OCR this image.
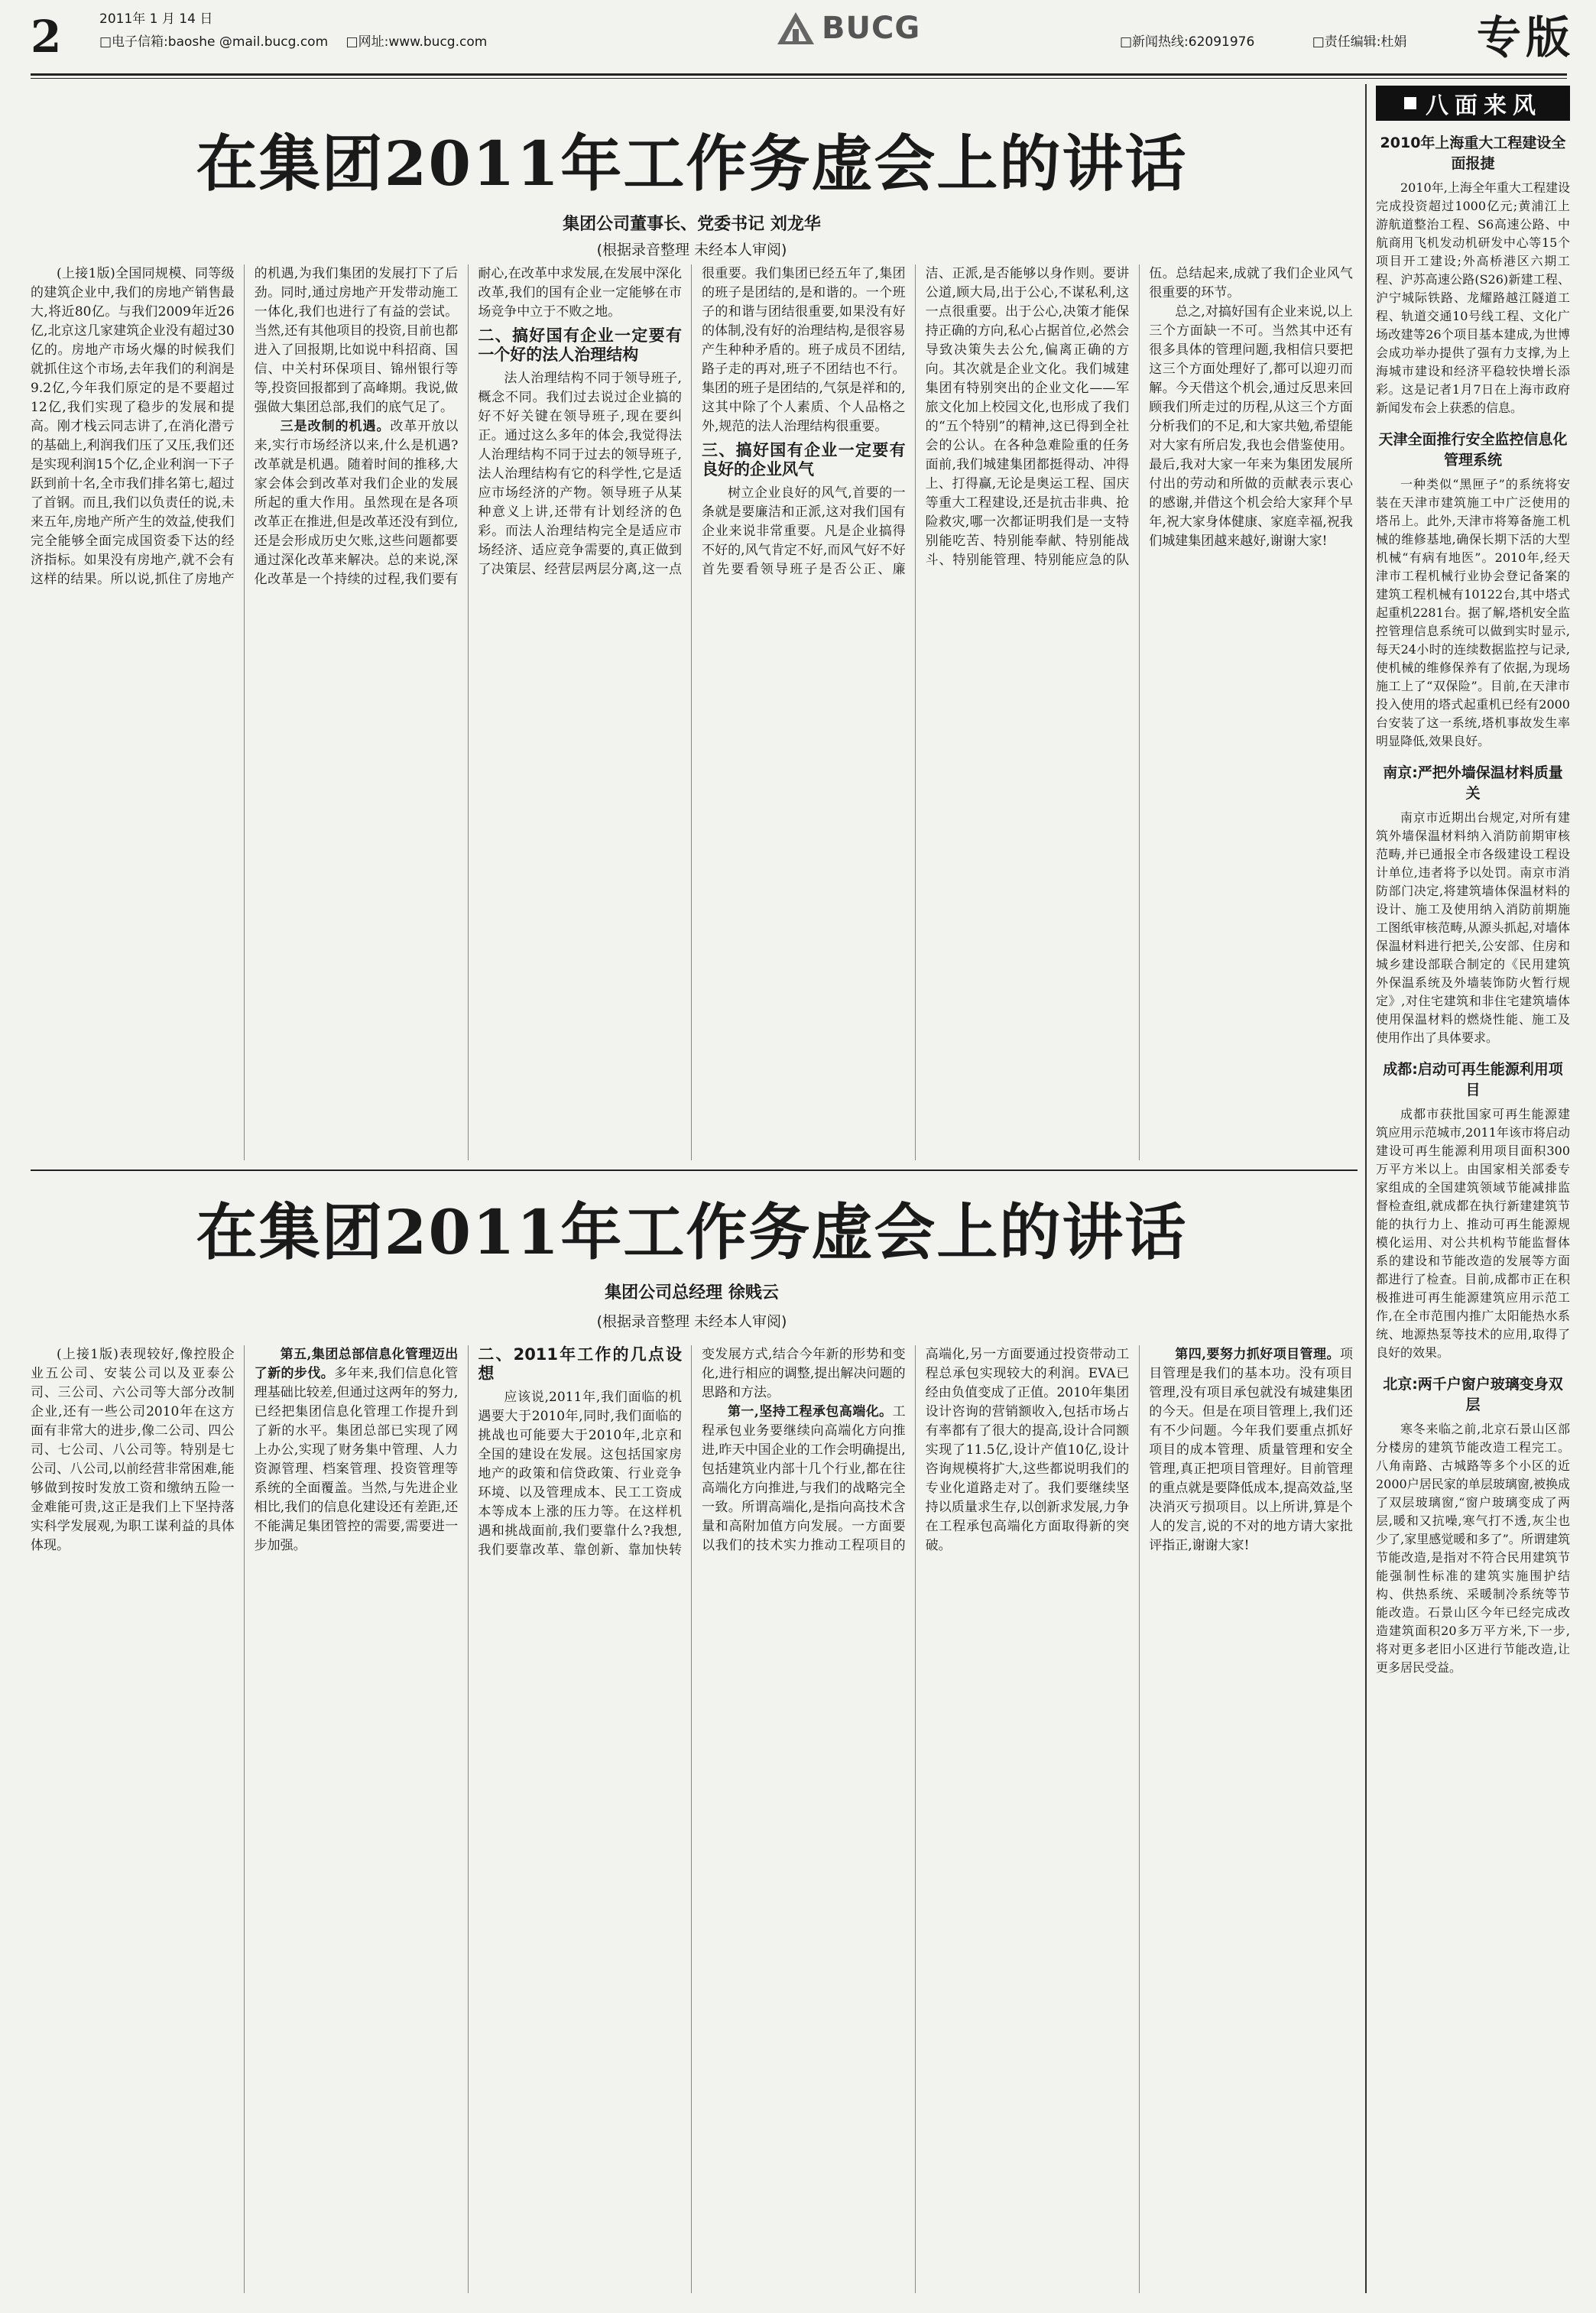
2	2011年 1 月 14 日
□电子信箱:baoshe @mail.bucg.com □网址:www.bucg.com	BUCG	□新闻热线:62091976	□责任编辑:杜娟	专版
在集团2011年工作务虚会上的讲话
集团公司董事长、党委书记 刘龙华
(根据录音整理 未经本人审阅)

(上接1版)全国同规模、同等级的建筑企业中,我们的房地产销售最大,将近80亿。与我们2009年近26亿,北京这几家建筑企业没有超过30亿的。房地产市场火爆的时候我们就抓住这个市场,去年我们的利润是9.2亿,今年我们原定的是不要超过12亿,我们实现了稳步的发展和提高。刚才栈云同志讲了,在消化潜亏的基础上,利润我们压了又压,我们还是实现利润15个亿,企业利润一下子跃到前十名,全市我们排名第七,超过了首钢。而且,我们以负责任的说,未来五年,房地产所产生的效益,使我们完全能够全面完成国资委下达的经济指标。如果没有房地产,就不会有这样的结果。所以说,抓住了房地产的机遇,为我们集团的发展打下了后劲。同时,通过房地产开发带动施工一体化,我们也进行了有益的尝试。当然,还有其他项目的投资,目前也都进入了回报期,比如说中科招商、国信、中关村环保项目、锦州银行等等,投资回报都到了高峰期。我说,做强做大集团总部,我们的底气足了。

三是改制的机遇。改革开放以来,实行市场经济以来,什么是机遇?改革就是机遇。随着时间的推移,大家会体会到改革对我们企业的发展所起的重大作用。虽然现在是各项改革正在推进,但是改革还没有到位,还是会形成历史欠账,这些问题都要通过深化改革来解决。总的来说,深化改革是一个持续的过程,我们要有耐心,在改革中求发展,在发展中深化改革,我们的国有企业一定能够在市场竞争中立于不败之地。

二、搞好国有企业一定要有一个好的法人治理结构

法人治理结构不同于领导班子,概念不同。我们过去说过企业搞的好不好关键在领导班子,现在要纠正。通过这么多年的体会,我觉得法人治理结构不同于过去的领导班子,法人治理结构有它的科学性,它是适应市场经济的产物。领导班子从某种意义上讲,还带有计划经济的色彩。而法人治理结构完全是适应市场经济、适应竞争需要的,真正做到了决策层、经营层两层分离,这一点很重要。我们集团已经五年了,集团的班子是团结的,是和谐的。一个班子的和谐与团结很重要,如果没有好的体制,没有好的治理结构,是很容易产生种种矛盾的。班子成员不团结,路子走的再对,班子不团结也不行。集团的班子是团结的,气氛是祥和的,这其中除了个人素质、个人品格之外,规范的法人治理结构很重要。

三、搞好国有企业一定要有良好的企业风气

树立企业良好的风气,首要的一条就是要廉洁和正派,这对我们国有企业来说非常重要。凡是企业搞得不好的,风气肯定不好,而风气好不好首先要看领导班子是否公正、廉洁、正派,是否能够以身作则。要讲公道,顾大局,出于公心,不谋私利,这一点很重要。出于公心,决策才能保持正确的方向,私心占据首位,必然会导致决策失去公允,偏离正确的方向。其次就是企业文化。我们城建集团有特别突出的企业文化——军旅文化加上校园文化,也形成了我们的“五个特别”的精神,这已得到全社会的公认。在各种急难险重的任务面前,我们城建集团都挺得动、冲得上、打得赢,无论是奥运工程、国庆等重大工程建设,还是抗击非典、抢险救灾,哪一次都证明我们是一支特别能吃苦、特别能奉献、特别能战斗、特别能管理、特别能应急的队伍。总结起来,成就了我们企业风气很重要的环节。

总之,对搞好国有企业来说,以上三个方面缺一不可。当然其中还有很多具体的管理问题,我相信只要把这三个方面处理好了,都可以迎刃而解。今天借这个机会,通过反思来回顾我们所走过的历程,从这三个方面分析我们的不足,和大家共勉,希望能对大家有所启发,我也会借鉴使用。最后,我对大家一年来为集团发展所付出的劳动和所做的贡献表示衷心的感谢,并借这个机会给大家拜个早年,祝大家身体健康、家庭幸福,祝我们城建集团越来越好,谢谢大家!

在集团2011年工作务虚会上的讲话
集团公司总经理 徐贱云
(根据录音整理 未经本人审阅)

(上接1版)表现较好,像控股企业五公司、安装公司以及亚泰公司、三公司、六公司等大部分改制企业,还有一些公司2010年在这方面有非常大的进步,像二公司、四公司、七公司、八公司等。特别是七公司、八公司,以前经营非常困难,能够做到按时发放工资和缴纳五险一金难能可贵,这正是我们上下坚持落实科学发展观,为职工谋利益的具体体现。

第五,集团总部信息化管理迈出了新的步伐。多年来,我们信息化管理基础比较差,但通过这两年的努力,已经把集团信息化管理工作提升到了新的水平。集团总部已实现了网上办公,实现了财务集中管理、人力资源管理、档案管理、投资管理等系统的全面覆盖。当然,与先进企业相比,我们的信息化建设还有差距,还不能满足集团管控的需要,需要进一步加强。

二、2011年工作的几点设想

应该说,2011年,我们面临的机遇要大于2010年,同时,我们面临的挑战也可能要大于2010年,北京和全国的建设在发展。这包括国家房地产的政策和信贷政策、行业竞争环境、以及管理成本、民工工资成本等成本上涨的压力等。在这样机遇和挑战面前,我们要靠什么?我想,我们要靠改革、靠创新、靠加快转变发展方式,结合今年新的形势和变化,进行相应的调整,提出解决问题的思路和方法。

第一,坚持工程承包高端化。工程承包业务要继续向高端化方向推进,昨天中国企业的工作会明确提出,包括建筑业内部十几个行业,都在往高端化方向推进,与我们的战略完全一致。所谓高端化,是指向高技术含量和高附加值方向发展。一方面要以我们的技术实力推动工程项目的高端化,另一方面要通过投资带动工程总承包实现较大的利润。EVA已经由负值变成了正值。2010年集团设计咨询的营销额收入,包括市场占有率都有了很大的提高,设计合同额实现了11.5亿,设计产值10亿,设计咨询规模将扩大,这些都说明我们的专业化道路走对了。我们要继续坚持以质量求生存,以创新求发展,力争在工程承包高端化方面取得新的突破。

第四,要努力抓好项目管理。项目管理是我们的基本功。没有项目管理,没有项目承包就没有城建集团的今天。但是在项目管理上,我们还有不少问题。今年我们要重点抓好项目的成本管理、质量管理和安全管理,真正把项目管理好。目前管理的重点就是要降低成本,提高效益,坚决消灭亏损项目。以上所讲,算是个人的发言,说的不对的地方请大家批评指正,谢谢大家!

八面来风
2010年上海重大工程建设全面报捷

2010年,上海全年重大工程建设完成投资超过1000亿元;黄浦江上游航道整治工程、S6高速公路、中航商用飞机发动机研发中心等15个项目开工建设;外高桥港区六期工程、沪苏高速公路(S26)新建工程、沪宁城际铁路、龙耀路越江隧道工程、轨道交通10号线工程、文化广场改建等26个项目基本建成,为世博会成功举办提供了强有力支撑,为上海城市建设和经济平稳较快增长添彩。这是记者1月7日在上海市政府新闻发布会上获悉的信息。

天津全面推行安全监控信息化管理系统

一种类似“黑匣子”的系统将安装在天津市建筑施工中广泛使用的塔吊上。此外,天津市将筹备施工机械的维修基地,确保长期下活的大型机械“有病有地医”。2010年,经天津市工程机械行业协会登记备案的建筑工程机械有10122台,其中塔式起重机2281台。据了解,塔机安全监控管理信息系统可以做到实时显示,每天24小时的连续数据监控与记录,使机械的维修保养有了依据,为现场施工上了“双保险”。目前,在天津市投入使用的塔式起重机已经有2000台安装了这一系统,塔机事故发生率明显降低,效果良好。

南京:严把外墙保温材料质量关

南京市近期出台规定,对所有建筑外墙保温材料纳入消防前期审核范畴,并已通报全市各级建设工程设计单位,违者将予以处罚。南京市消防部门决定,将建筑墙体保温材料的设计、施工及使用纳入消防前期施工图纸审核范畴,从源头抓起,对墙体保温材料进行把关,公安部、住房和城乡建设部联合制定的《民用建筑外保温系统及外墙装饰防火暂行规定》,对住宅建筑和非住宅建筑墙体使用保温材料的燃烧性能、施工及使用作出了具体要求。

成都:启动可再生能源利用项目

成都市获批国家可再生能源建筑应用示范城市,2011年该市将启动建设可再生能源利用项目面积300万平方米以上。由国家相关部委专家组成的全国建筑领域节能减排监督检查组,就成都在执行新建建筑节能的执行力上、推动可再生能源规模化运用、对公共机构节能监督体系的建设和节能改造的发展等方面都进行了检查。目前,成都市正在积极推进可再生能源建筑应用示范工作,在全市范围内推广太阳能热水系统、地源热泵等技术的应用,取得了良好的效果。

北京:两千户窗户玻璃变身双层

寒冬来临之前,北京石景山区部分楼房的建筑节能改造工程完工。八角南路、古城路等多个小区的近2000户居民家的单层玻璃窗,被换成了双层玻璃窗,“窗户玻璃变成了两层,暖和又抗噪,寒气打不透,灰尘也少了,家里感觉暖和多了”。所谓建筑节能改造,是指对不符合民用建筑节能强制性标准的建筑实施围护结构、供热系统、采暖制冷系统等节能改造。石景山区今年已经完成改造建筑面积20多万平方米,下一步,将对更多老旧小区进行节能改造,让更多居民受益。
